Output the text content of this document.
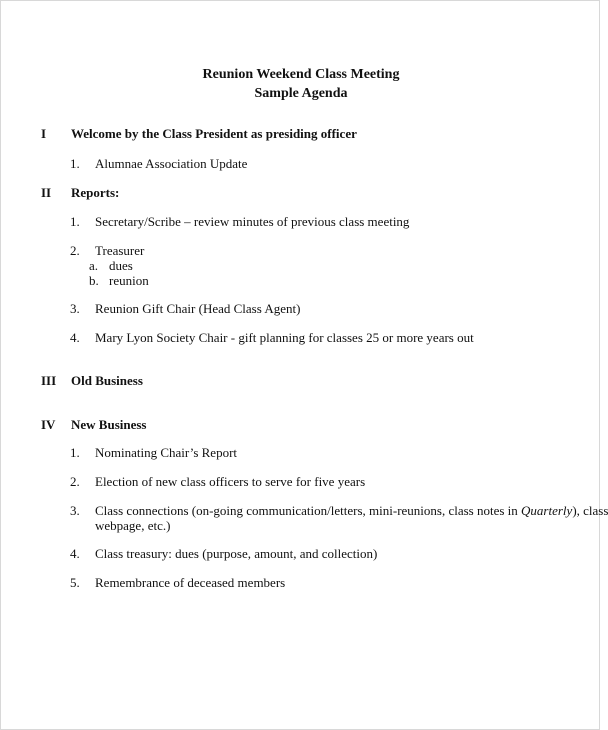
Reunion Weekend Class Meeting
Sample Agenda
I Welcome by the Class President as presiding officer
1. Alumnae Association Update
II Reports:
1. Secretary/Scribe – review minutes of previous class meeting
2. Treasurer
a. dues
b. reunion
3. Reunion Gift Chair (Head Class Agent)
4. Mary Lyon Society Chair - gift planning for classes 25 or more years out
III Old Business
IV New Business
1. Nominating Chair’s Report
2. Election of new class officers to serve for five years
3. Class connections (on-going communication/letters, mini-reunions, class notes in Quarterly), class
webpage, etc.)
4. Class treasury: dues (purpose, amount, and collection)
5. Remembrance of deceased members
